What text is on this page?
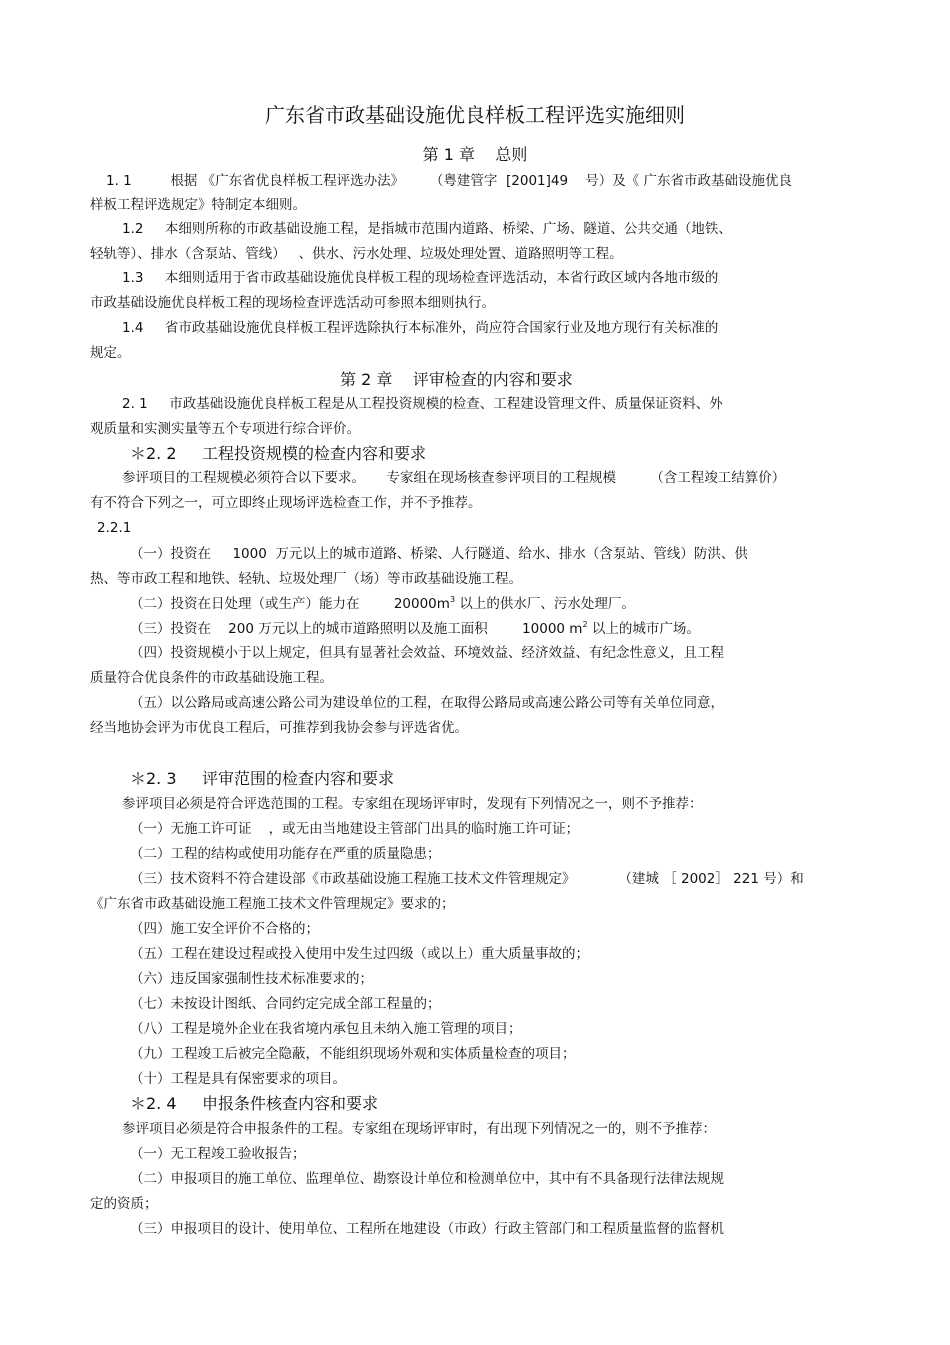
广东省市政基础设施优良样板工程评选实施细则
第 1 章    总则
1. 1         根据 《广东省优良样板工程评选办法》      （粤建管字  [2001]49    号）及《 广东省市政基础设施优良
样板工程评选规定》特制定本细则。
1.2     本细则所称的市政基础设施工程，是指城市范围内道路、桥梁、广场、隧道、公共交通（地铁、
轻轨等）、排水（含泵站、管线）   、供水、污水处理、垃圾处理处置、道路照明等工程。
1.3     本细则适用于省市政基础设施优良样板工程的现场检查评选活动，本省行政区域内各地市级的
市政基础设施优良样板工程的现场检查评选活动可参照本细则执行。
1.4     省市政基础设施优良样板工程评选除执行本标准外，尚应符合国家行业及地方现行有关标准的
规定。
第 2 章    评审检查的内容和要求
2. 1     市政基础设施优良样板工程是从工程投资规模的检查、工程建设管理文件、质量保证资料、外
观质量和实测实量等五个专项进行综合评价。
＊2. 2     工程投资规模的检查内容和要求
参评项目的工程规模必须符合以下要求。     专家组在现场核查参评项目的工程规模        （含工程竣工结算价）
有不符合下列之一，可立即终止现场评选检查工作，并不予推荐。
2.2.1
（一）投资在     1000  万元以上的城市道路、桥梁、人行隧道、给水、排水（含泵站、管线）防洪、供
热、等市政工程和地铁、轻轨、垃圾处理厂（场）等市政基础设施工程。
（二）投资在日处理（或生产）能力在        $20000m^3$ 以上的供水厂、污水处理厂。
（三）投资在    200 万元以上的城市道路照明以及施工面积        10000 $m^2$ 以上的城市广场。
（四）投资规模小于以上规定，但具有显著社会效益、环境效益、经济效益、有纪念性意义，且工程
质量符合优良条件的市政基础设施工程。
（五）以公路局或高速公路公司为建设单位的工程，在取得公路局或高速公路公司等有关单位同意，
经当地协会评为市优良工程后，可推荐到我协会参与评选省优。
＊2. 3     评审范围的检查内容和要求
参评项目必须是符合评选范围的工程。专家组在现场评审时，发现有下列情况之一，则不予推荐：
（一）无施工许可证    ，或无由当地建设主管部门出具的临时施工许可证；
（二）工程的结构或使用功能存在严重的质量隐患；
（三）技术资料不符合建设部《市政基础设施工程施工技术文件管理规定》          （建城 ［ 2002］ 221 号）和
《广东省市政基础设施工程施工技术文件管理规定》要求的；
（四）施工安全评价不合格的；
（五）工程在建设过程或投入使用中发生过四级（或以上）重大质量事故的；
（六）违反国家强制性技术标准要求的；
（七）未按设计图纸、合同约定完成全部工程量的；
（八）工程是境外企业在我省境内承包且未纳入施工管理的项目；
（九）工程竣工后被完全隐蔽，不能组织现场外观和实体质量检查的项目；
（十）工程是具有保密要求的项目。
＊2. 4     申报条件核查内容和要求
参评项目必须是符合申报条件的工程。专家组在现场评审时，有出现下列情况之一的，则不予推荐：
（一）无工程竣工验收报告；
（二）申报项目的施工单位、监理单位、勘察设计单位和检测单位中，其中有不具备现行法律法规规
定的资质；
（三）申报项目的设计、使用单位、工程所在地建设（市政）行政主管部门和工程质量监督的监督机
